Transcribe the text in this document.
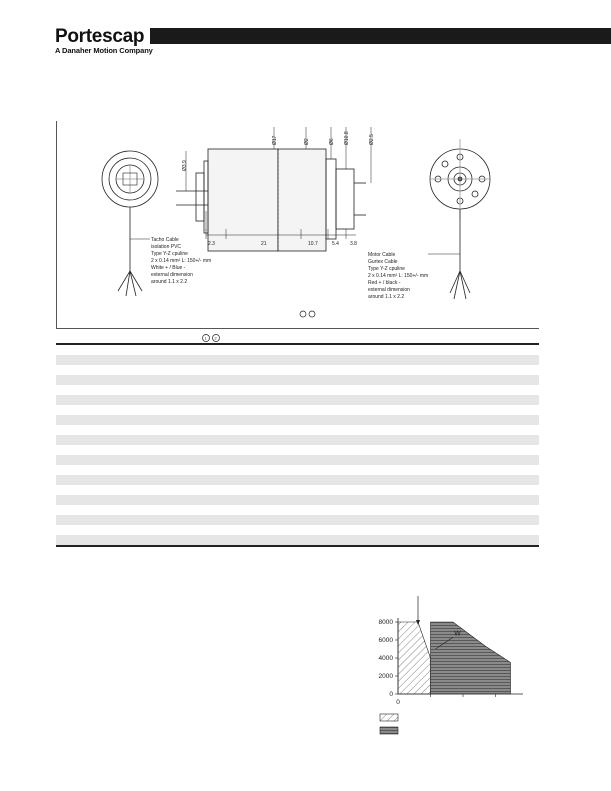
Portescap
A Danaher Motion Company
2.3	21	10.7	5.4 3.8
Ø3.9
Ø17	Ø2	Ø6 Ø10.8	Ø2.5
Tacho Cable
isolation PVC
Type Y-Z cpuline
2 x 0.14 mm² L: 150+/- mm
White + / Blue -
external dimension
around 1.1 x 2.2
Motor Cable
Gurtex Cable
Type Y-Z cpuline
2 x 0.14 mm² L: 150+/- mm
Red + / black -
external dimension
around 1.1 x 2.2
1 2
8000
6000
4000
2000
0
0
W
